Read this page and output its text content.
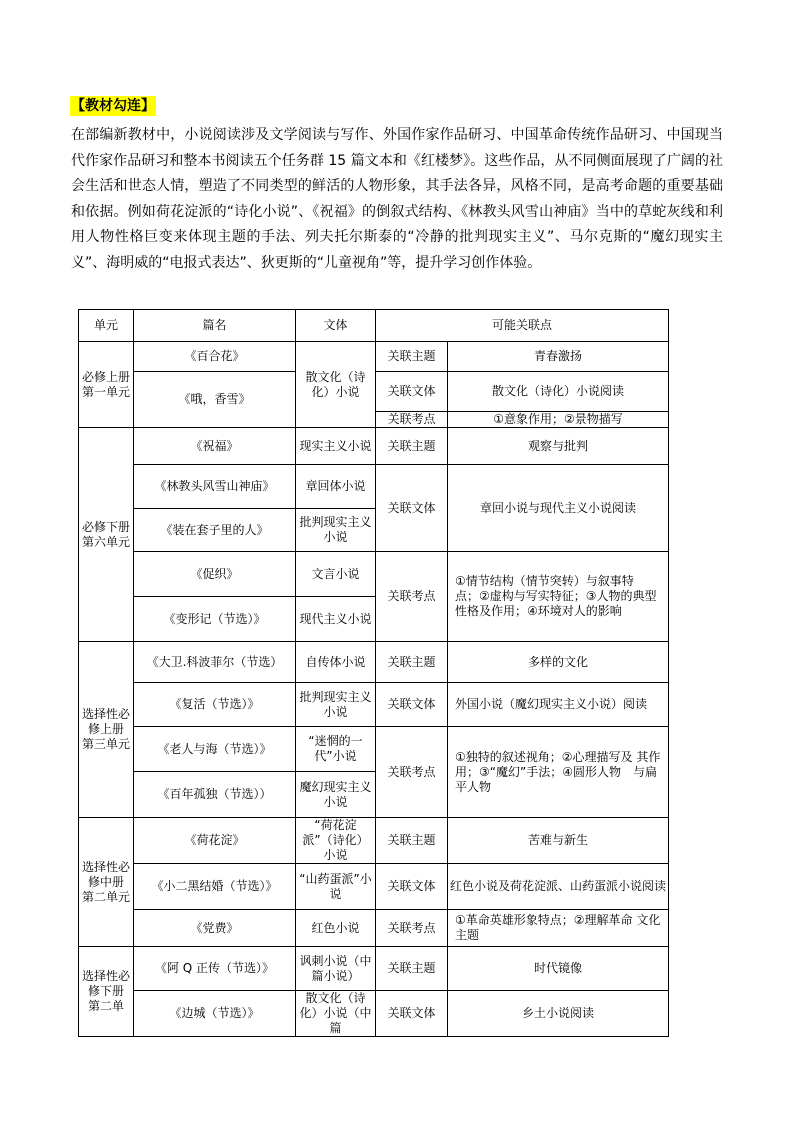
【教材勾连】
在部编新教材中，小说阅读涉及文学阅读与写作、外国作家作品研习、中国革命传统作品研习、中国现当代作家作品研习和整本书阅读五个任务群 15 篇文本和《红楼梦》。这些作品，从不同侧面展现了广阔的社会生活和世态人情，塑造了不同类型的鲜活的人物形象，其手法各异，风格不同，是高考命题的重要基础和依据。例如荷花淀派的“诗化小说”、《祝福》的倒叙式结构、《林教头风雪山神庙》当中的草蛇灰线和利用人物性格巨变来体现主题的手法、列夫托尔斯泰的“冷静的批判现实主义”、马尔克斯的“魔幻现实主义”、海明威的“电报式表达”、狄更斯的“儿童视角”等，提升学习创作体验。
单元	篇名	文体	可能关联点	
必修上册 第一单元	《百合花》	散文化（诗化）小说	关联主题	青春激扬
	《哦，香雪》		关联文体	散文化（诗化）小说阅读
			关联考点	①意象作用；②景物描写
必修下册 第六单元	《祝福》	现实主义小说	关联主题	观察与批判
	《林教头风雪山神庙》	章回体小说	关联文体	章回小说与现代主义小说阅读
	《装在套子里的人》	批判现实主义小说		
	《促织》	文言小说	关联考点	①情节结构（情节突转）与叙事特　点；②虚构与写实特征；③人物的典型性格及作用；④环境对人的影响
	《变形记（节选）》	现代主义小说		
选择性必修上册 第三单元	《大卫.科波菲尔（节选）	自传体小说	关联主题	多样的文化
	《复活（节选）》	批判现实主义小说	关联文体	外国小说（魔幻现实主义小说）阅读
	《老人与海（节选）》	“迷惘的一代”小说	关联考点	①独特的叙述视角；②心理描写及 其作用；③“魔幻”手法；④圆形人物　与扁平人物
	《百年孤独（节选））	魔幻现实主义小说		
选择性必修中册 第二单元	《荷花淀》	“荷花淀派”（诗化）小说	关联主题	苦难与新生
	《小二黑结婚（节选）》	“山药蛋派”小说	关联文体	红色小说及荷花淀派、山药蛋派小说阅读
	《党费》	红色小说	关联考点	①革命英雄形象特点；②理解革命 文化主题
选择性必修下册 第二单	《阿 Q 正传（节选）》	讽刺小说（中篇小说）	关联主题	时代镜像
	《边城（节选）》	散文化（诗化）小说（中篇	关联文体	乡土小说阅读
